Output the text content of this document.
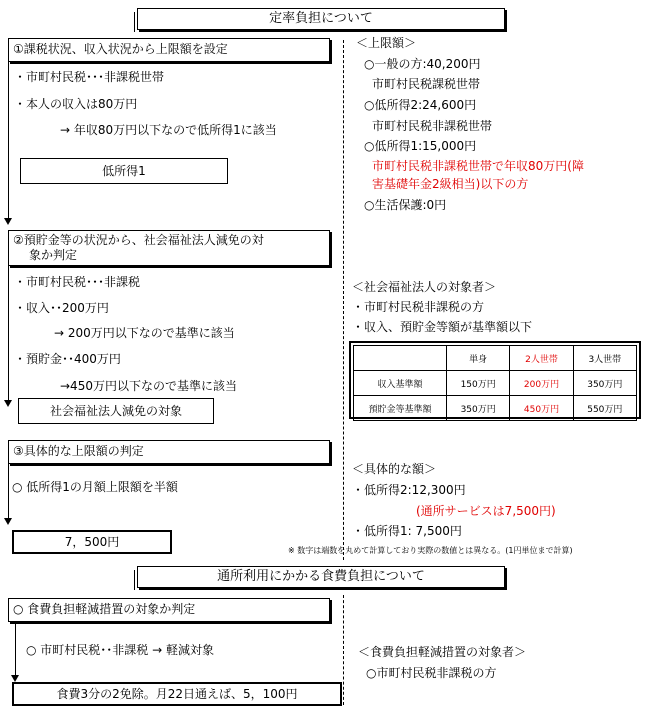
定率負担について
①課税状況、収入状況から上限額を設定
・市町村民税･･･非課税世帯
・本人の収入は80万円
→ 年収80万円以下なので低所得1に該当
低所得1
②預貯金等の状況から、社会福祉法人減免の対
象か判定
・市町村民税･･･非課税
・収入･･200万円
→ 200万円以下なので基準に該当
・預貯金･･400万円
→450万円以下なので基準に該当
社会福祉法人減免の対象
③具体的な上限額の判定
○ 低所得1の月額上限額を半額
7，500円
通所利用にかかる食費負担について
○ 食費負担軽減措置の対象か判定
○ 市町村民税･･非課税 → 軽減対象
食費3分の2免除。月22日通えば、5，100円
＜上限額＞
○一般の方:40,200円
市町村民税課税世帯
○低所得2:24,600円
市町村民税非課税世帯
○低所得1:15,000円
市町村民税非課税世帯で年収80万円(障
害基礎年金2級相当)以下の方
○生活保護:0円
＜社会福祉法人の対象者＞
・市町村民税非課税の方
・収入、預貯金等額が基準額以下
	単身	2人世帯	3人世帯
収入基準額	150万円	200万円	350万円
預貯金等基準額	350万円	450万円	550万円
＜具体的な額＞
・低所得2:12,300円
(通所サービスは7,500円)
・低所得1: 7,500円
※ 数字は端数を丸めて計算しており実際の数値とは異なる。(1円単位まで計算)
＜食費負担軽減措置の対象者＞
○市町村民税非課税の方
